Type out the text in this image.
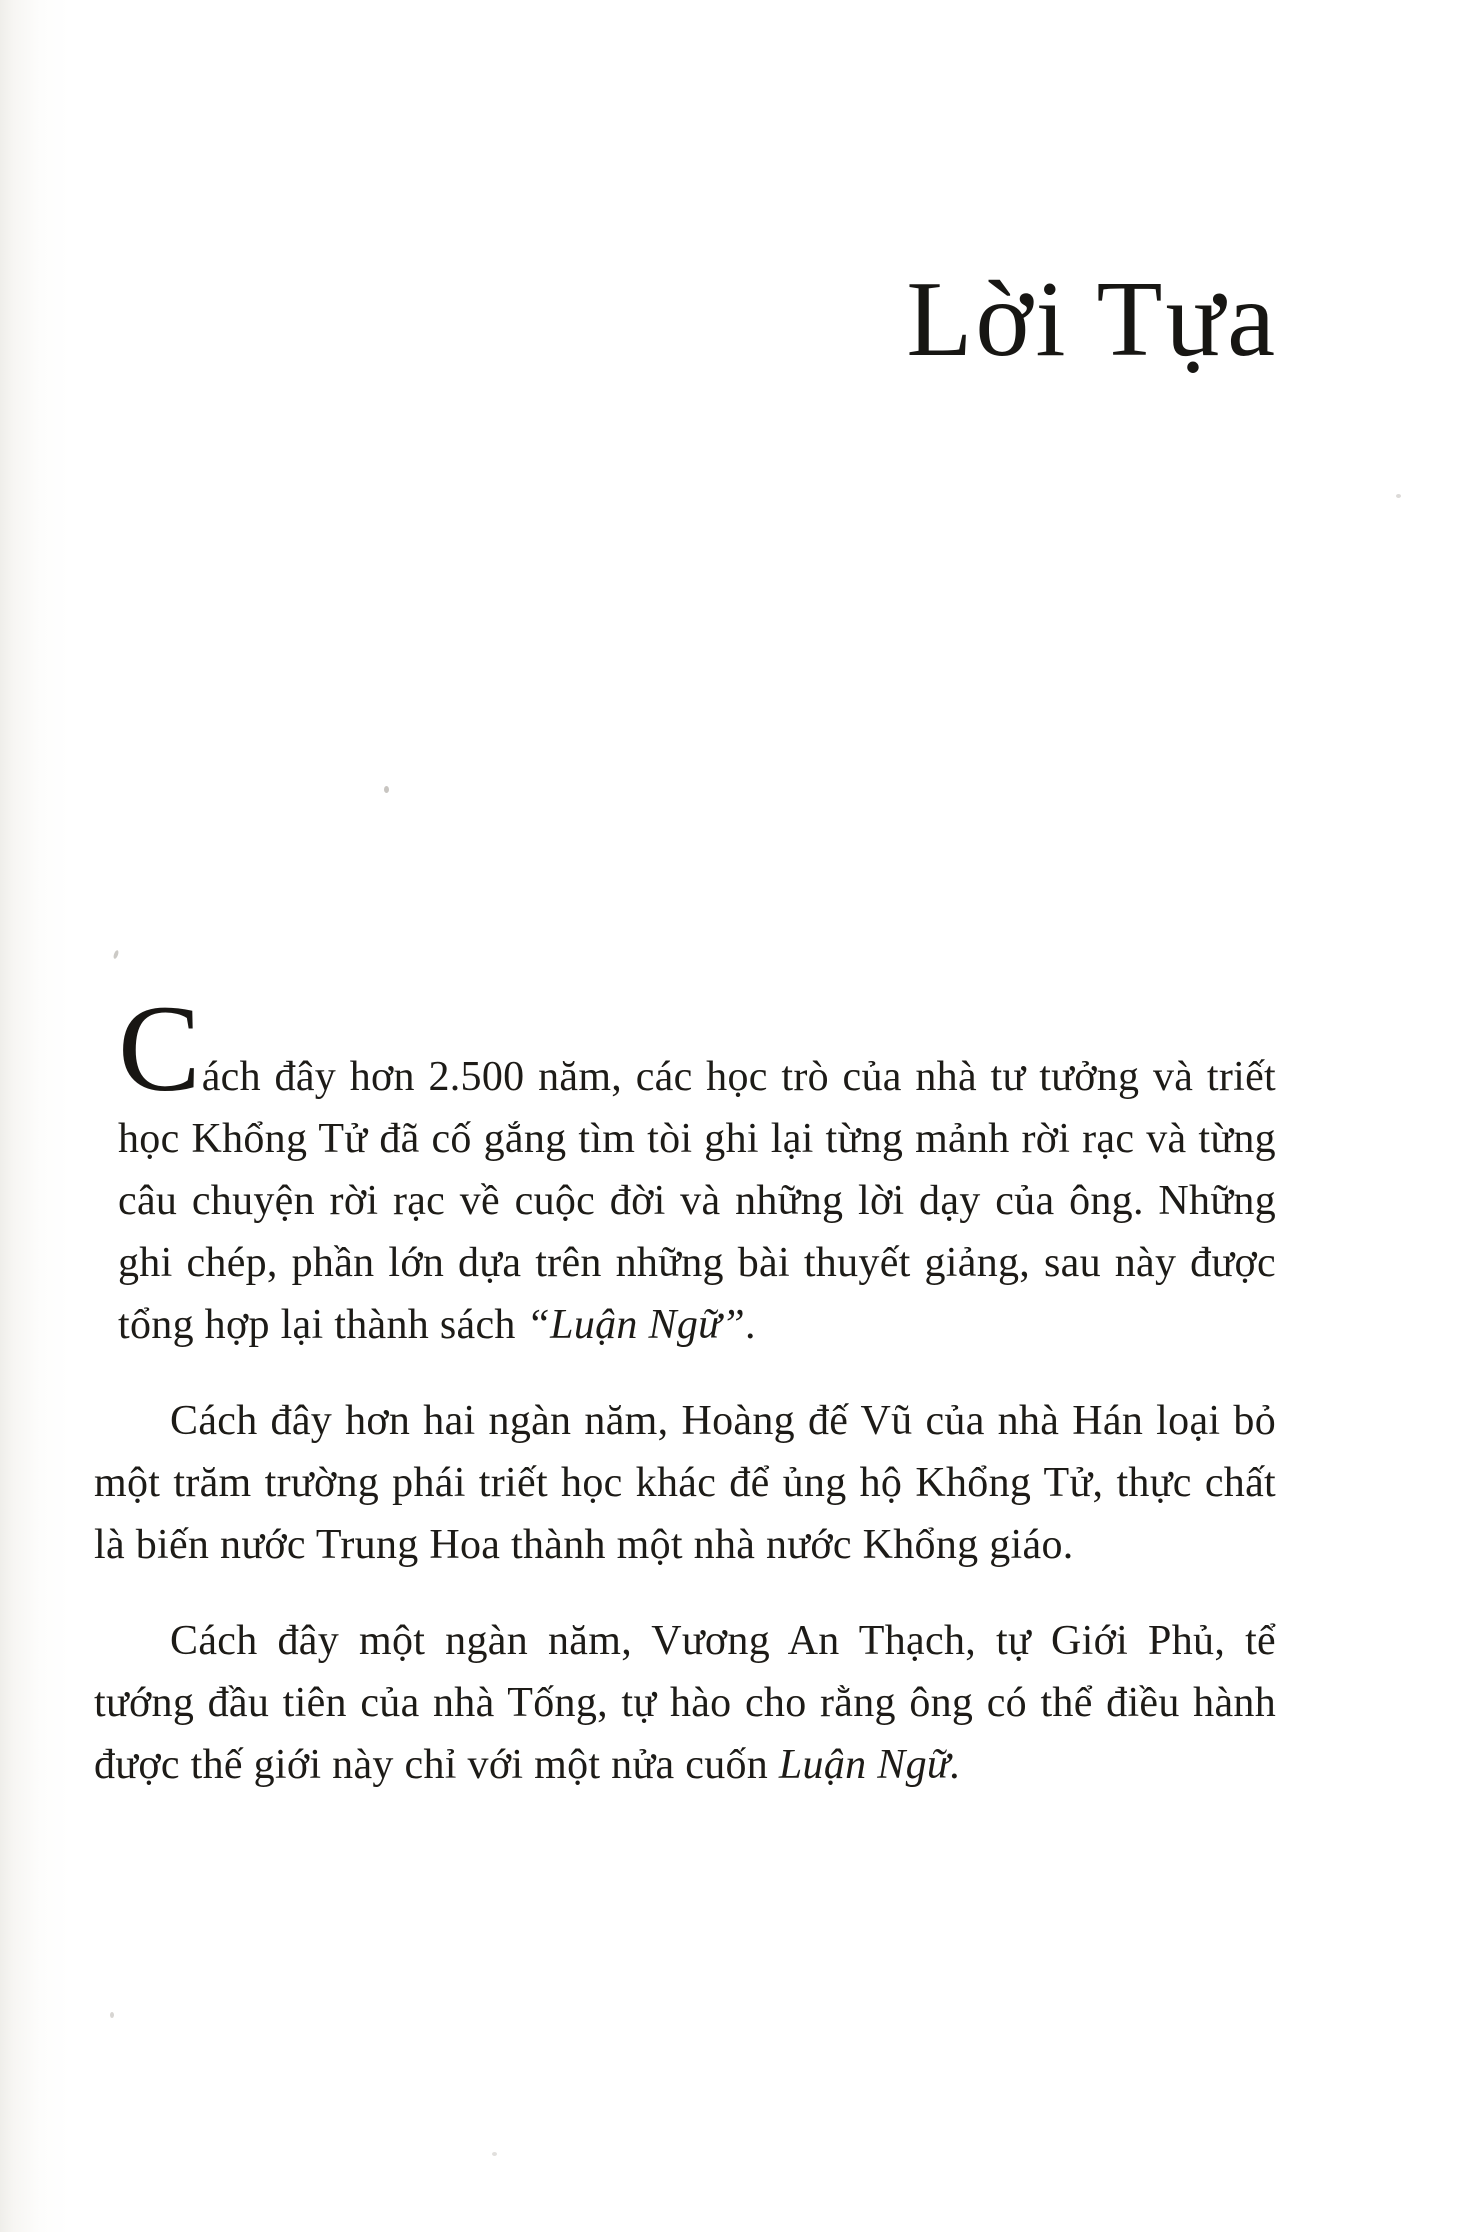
Lời Tựa

Cách đây hơn 2.500 năm, các học trò của nhà tư tưởng và triết học Khổng Tử đã cố gắng tìm tòi ghi lại từng mảnh rời rạc và từng câu chuyện rời rạc về cuộc đời và những lời dạy của ông. Những ghi chép, phần lớn dựa trên những bài thuyết giảng, sau này được tổng hợp lại thành sách “Luận Ngữ”.

Cách đây hơn hai ngàn năm, Hoàng đế Vũ của nhà Hán loại bỏ một trăm trường phái triết học khác để ủng hộ Khổng Tử, thực chất là biến nước Trung Hoa thành một nhà nước Khổng giáo.

Cách đây một ngàn năm, Vương An Thạch, tự Giới Phủ, tể tướng đầu tiên của nhà Tống, tự hào cho rằng ông có thể điều hành được thế giới này chỉ với một nửa cuốn Luận Ngữ.
